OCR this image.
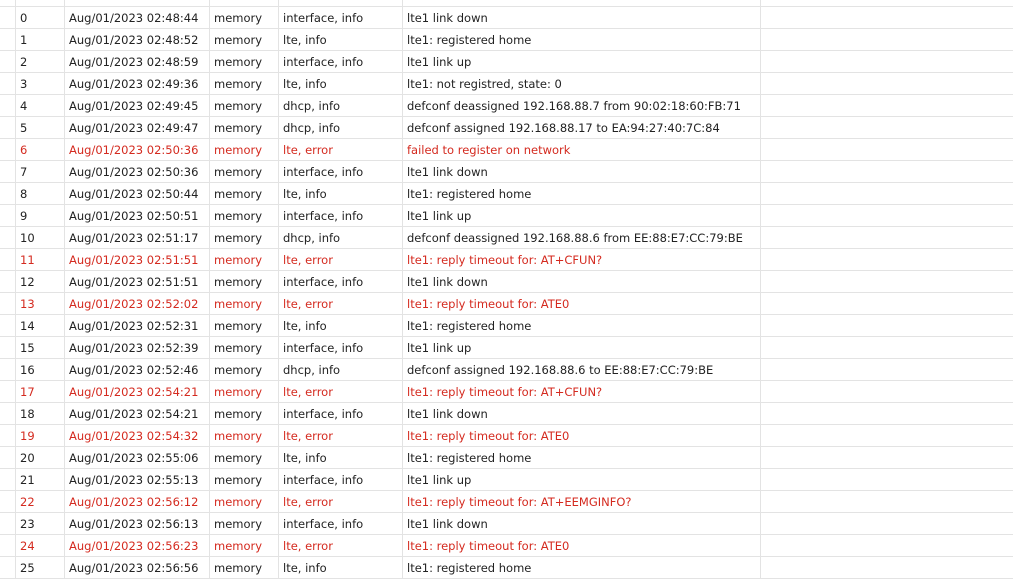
0	Aug/01/2023 02:48:44	memory	interface, info	lte1 link down
1	Aug/01/2023 02:48:52	memory	lte, info	lte1: registered home
2	Aug/01/2023 02:48:59	memory	interface, info	lte1 link up
3	Aug/01/2023 02:49:36	memory	lte, info	lte1: not registred, state: 0
4	Aug/01/2023 02:49:45	memory	dhcp, info	defconf deassigned 192.168.88.7 from 90:02:18:60:FB:71
5	Aug/01/2023 02:49:47	memory	dhcp, info	defconf assigned 192.168.88.17 to EA:94:27:40:7C:84
6	Aug/01/2023 02:50:36	memory	lte, error	failed to register on network
7	Aug/01/2023 02:50:36	memory	interface, info	lte1 link down
8	Aug/01/2023 02:50:44	memory	lte, info	lte1: registered home
9	Aug/01/2023 02:50:51	memory	interface, info	lte1 link up
10	Aug/01/2023 02:51:17	memory	dhcp, info	defconf deassigned 192.168.88.6 from EE:88:E7:CC:79:BE
11	Aug/01/2023 02:51:51	memory	lte, error	lte1: reply timeout for: AT+CFUN?
12	Aug/01/2023 02:51:51	memory	interface, info	lte1 link down
13	Aug/01/2023 02:52:02	memory	lte, error	lte1: reply timeout for: ATE0
14	Aug/01/2023 02:52:31	memory	lte, info	lte1: registered home
15	Aug/01/2023 02:52:39	memory	interface, info	lte1 link up
16	Aug/01/2023 02:52:46	memory	dhcp, info	defconf assigned 192.168.88.6 to EE:88:E7:CC:79:BE
17	Aug/01/2023 02:54:21	memory	lte, error	lte1: reply timeout for: AT+CFUN?
18	Aug/01/2023 02:54:21	memory	interface, info	lte1 link down
19	Aug/01/2023 02:54:32	memory	lte, error	lte1: reply timeout for: ATE0
20	Aug/01/2023 02:55:06	memory	lte, info	lte1: registered home
21	Aug/01/2023 02:55:13	memory	interface, info	lte1 link up
22	Aug/01/2023 02:56:12	memory	lte, error	lte1: reply timeout for: AT+EEMGINFO?
23	Aug/01/2023 02:56:13	memory	interface, info	lte1 link down
24	Aug/01/2023 02:56:23	memory	lte, error	lte1: reply timeout for: ATE0
25	Aug/01/2023 02:56:56	memory	lte, info	lte1: registered home
